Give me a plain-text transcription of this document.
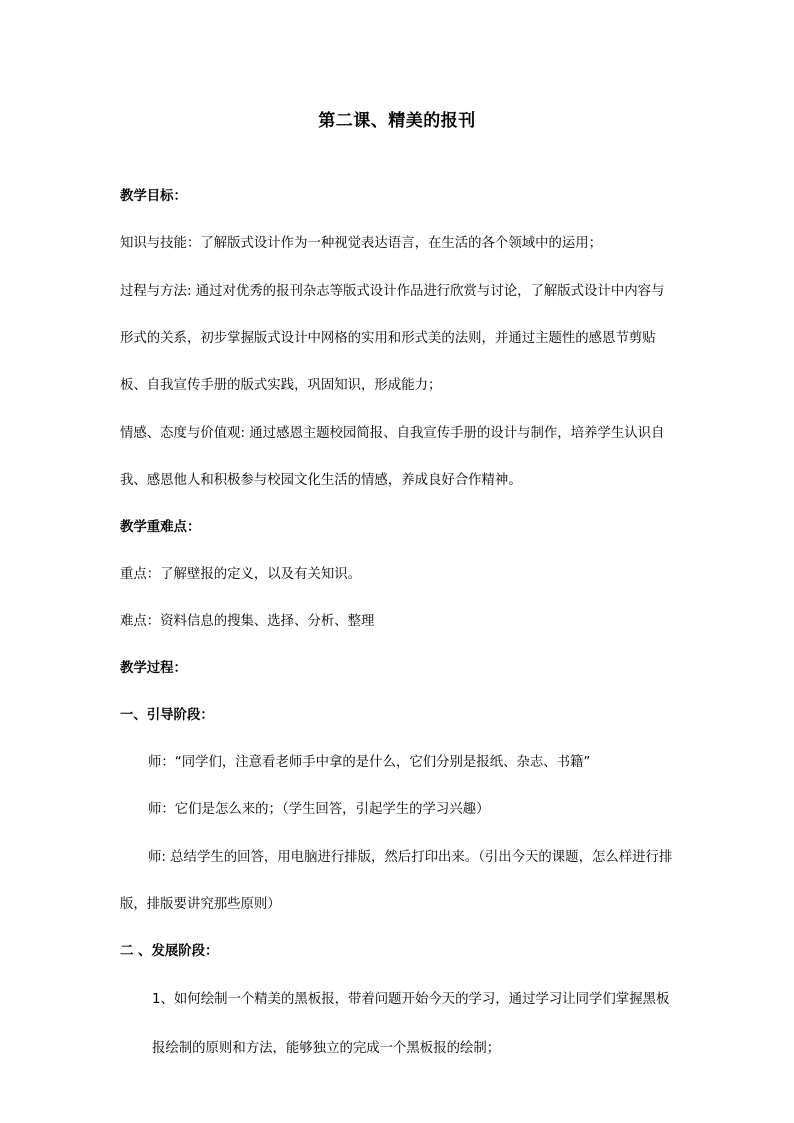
第二课、精美的报刊

教学目标：

知识与技能：了解版式设计作为一种视觉表达语言，在生活的各个领域中的运用；

过程与方法: 通过对优秀的报刊杂志等版式设计作品进行欣赏与讨论，了解版式设计中内容与形式的关系，初步掌握版式设计中网格的实用和形式美的法则，并通过主题性的感恩节剪贴板、自我宣传手册的版式实践，巩固知识，形成能力；

情感、态度与价值观: 通过感恩主题校园简报、自我宣传手册的设计与制作，培养学生认识自我、感恩他人和积极参与校园文化生活的情感，养成良好合作精神。

教学重难点：

重点：了解壁报的定义，以及有关知识。

难点：资料信息的搜集、选择、分析、整理

教学过程：

一、引导阶段：

师：“同学们，注意看老师手中拿的是什么，它们分别是报纸、杂志、书籍”

师：它们是怎么来的；（学生回答，引起学生的学习兴趣）

师: 总结学生的回答，用电脑进行排版，然后打印出来。（引出今天的课题，怎么样进行排版，排版要讲究那些原则）

二 、发展阶段：

1、如何绘制一个精美的黑板报，带着问题开始今天的学习，通过学习让同学们掌握黑板报绘制的原则和方法，能够独立的完成一个黑板报的绘制；
